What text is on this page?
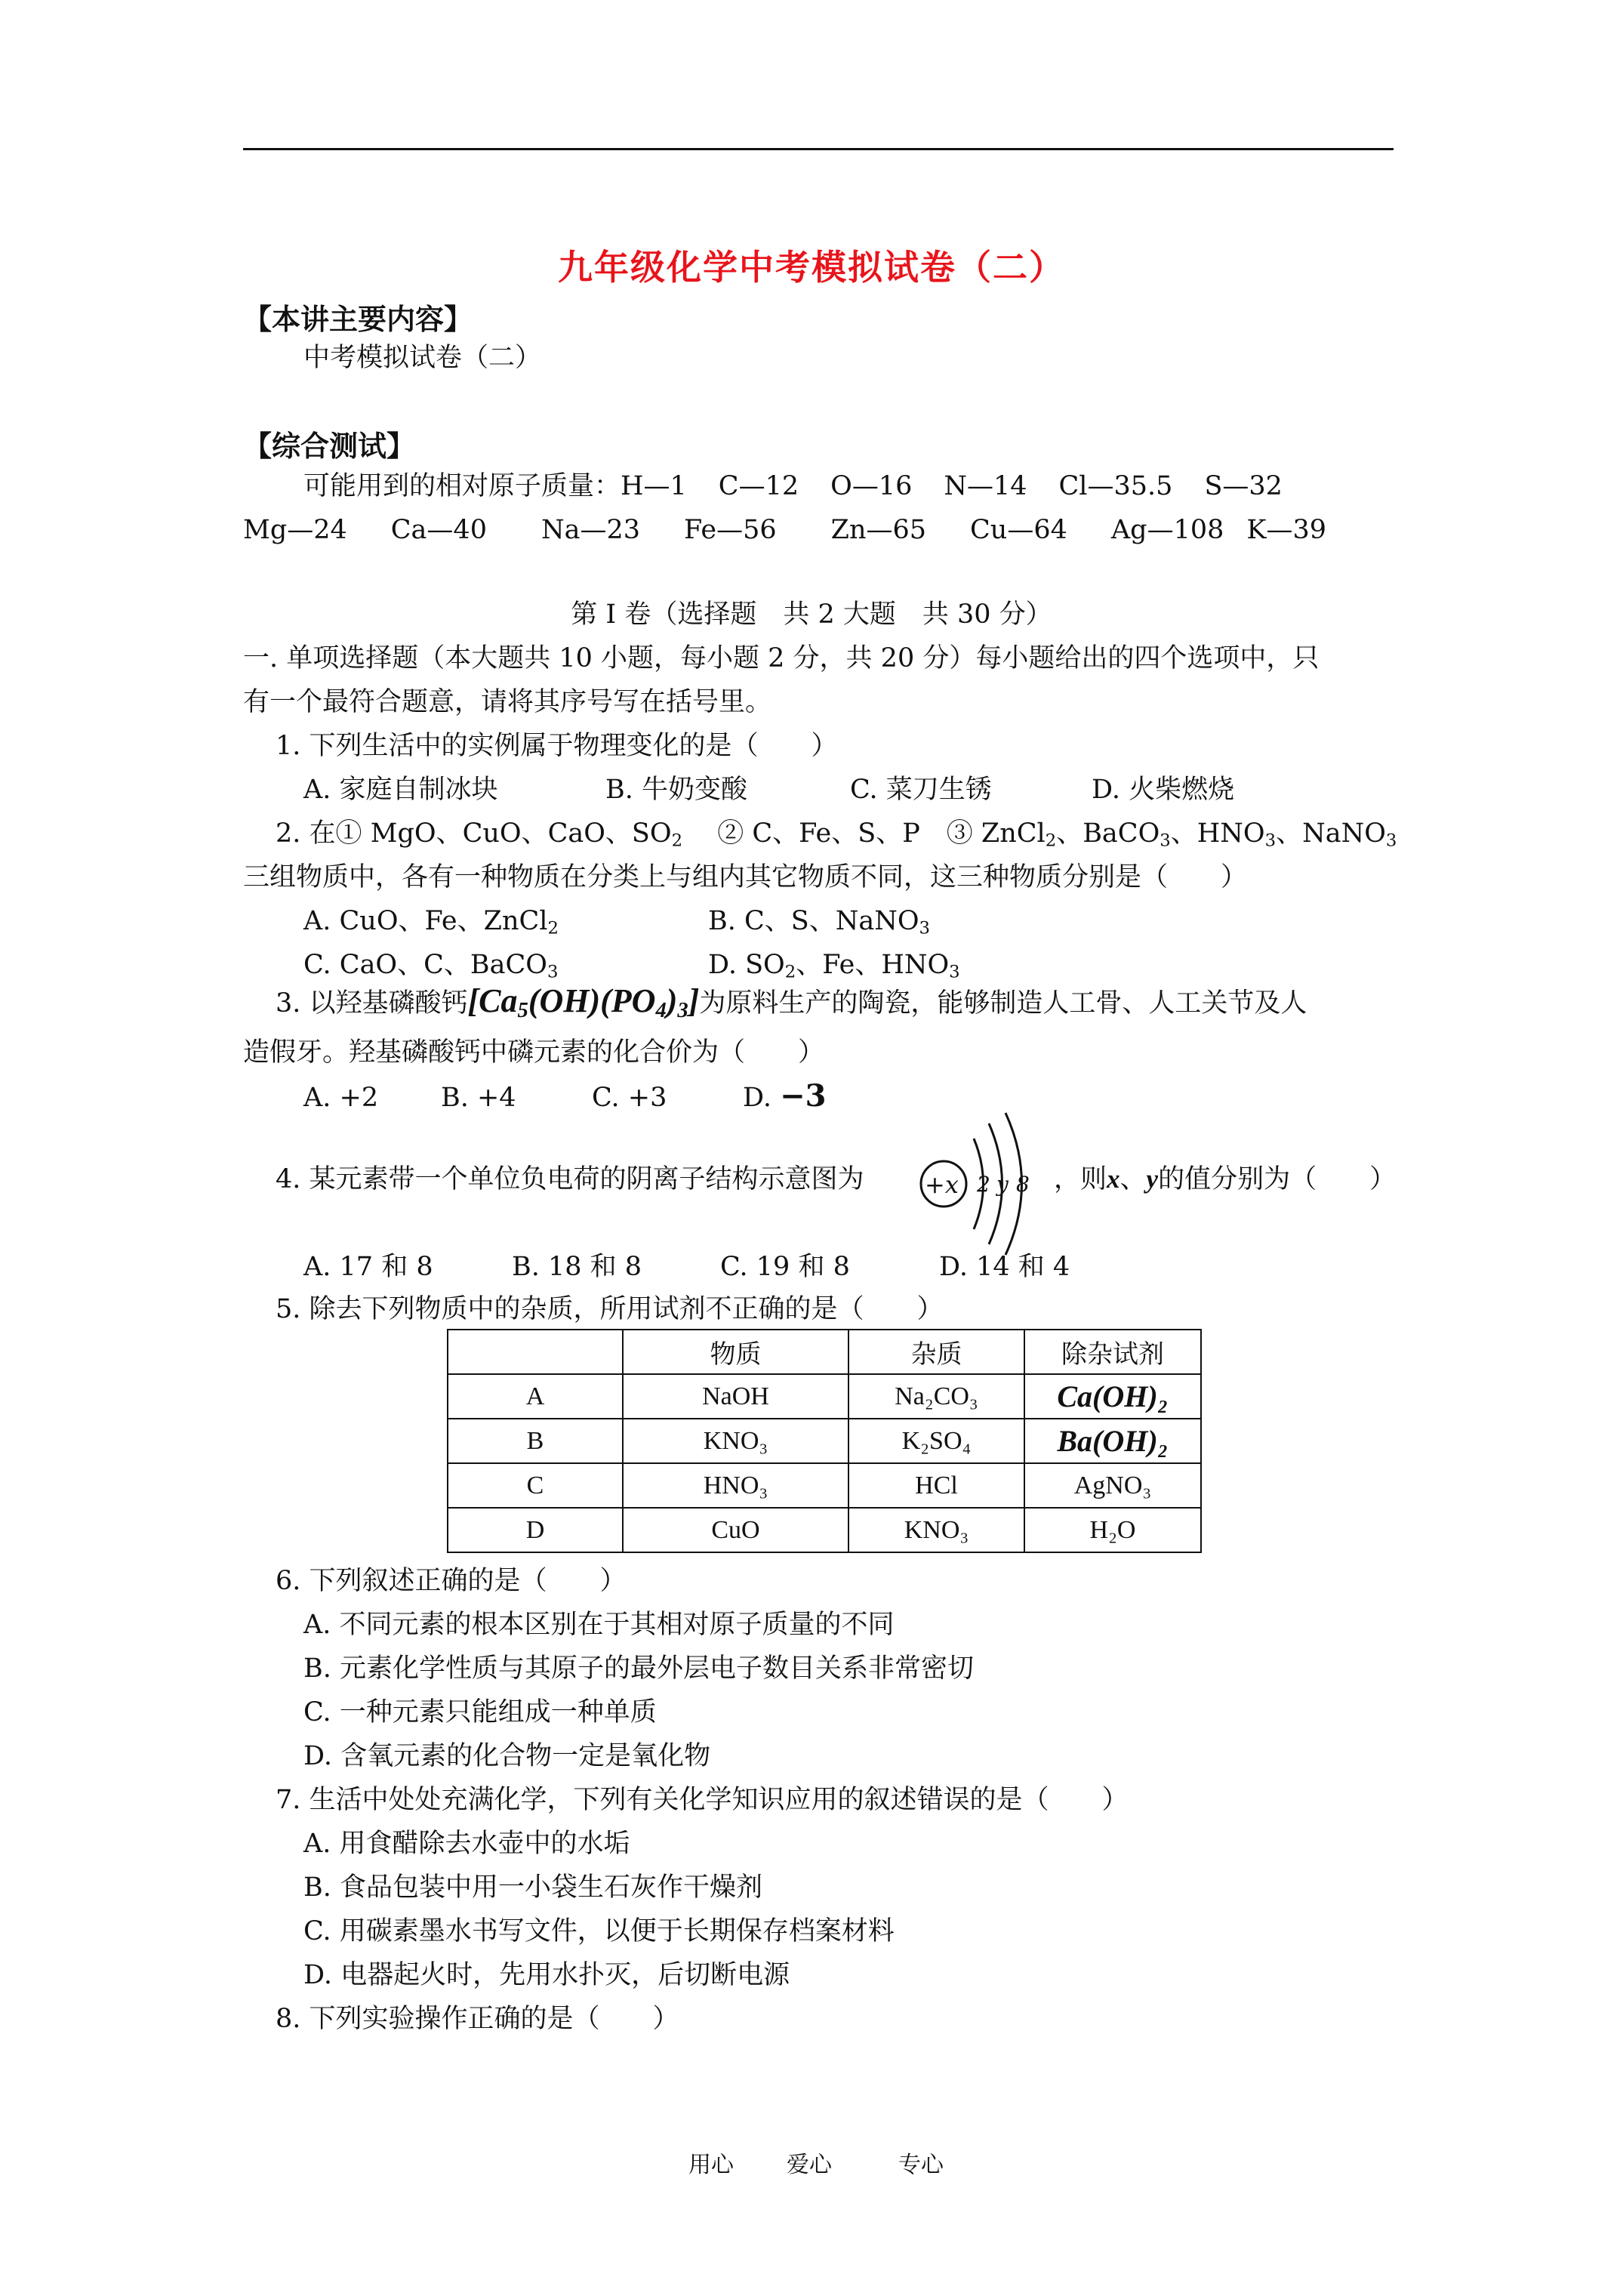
九年级化学中考模拟试卷（二）
【本讲主要内容】
中考模拟试卷（二）
【综合测试】
可能用到的相对原子质量：H—1 C—12 O—16 N—14 Cl—35.5 S—32
Mg—24 Ca—40 Na—23 Fe—56 Zn—65 Cu—64 Ag—108 K—39
第 I 卷（选择题　共 2 大题　共 30 分）
一. 单项选择题（本大题共 10 小题，每小题 2 分，共 20 分）每小题给出的四个选项中，只
有一个最符合题意，请将其序号写在括号里。
1. 下列生活中的实例属于物理变化的是（　　）
A. 家庭自制冰块	B. 牛奶变酸	C. 菜刀生锈	D. 火柴燃烧
2. 在① MgO、CuO、CaO、$SO_2$　 ② C、Fe、S、P　③ ZnCl$_2$、BaCO$_3$、$HNO_3$、NaNO$_3$
三组物质中，各有一种物质在分类上与组内其它物质不同，这三种物质分别是（　　）
A. CuO、Fe、ZnCl$_2$	B. C、S、NaNO$_3$
C. CaO、C、BaCO$_3$	D. $SO_2$、Fe、$HNO_3$
3. 以羟基磷酸钙$[Ca_5(OH)(PO_4)_3]$为原料生产的陶瓷，能够制造人工骨、人工关节及人
造假牙。羟基磷酸钙中磷元素的化合价为（　　）
A. +2 B. +4	C. +3	D. −3
4. 某元素带一个单位负电荷的阴离子结构示意图为	+x 2 y 8 ，则x、y的值分别为（　　）
A. 17 和 8	B. 18 和 8	C. 19 和 8	D. 14 和 4
5. 除去下列物质中的杂质，所用试剂不正确的是（　　）
	物质	杂质	除杂试剂
A	NaOH	Na₂CO₃	Ca(OH)₂
B	KNO₃	K₂SO₄	Ba(OH)₂
C	HNO₃	HCl	AgNO₃
D	CuO	KNO₃	H₂O
6. 下列叙述正确的是（　　）
A. 不同元素的根本区别在于其相对原子质量的不同
B. 元素化学性质与其原子的最外层电子数目关系非常密切
C. 一种元素只能组成一种单质
D. 含氧元素的化合物一定是氧化物
7. 生活中处处充满化学，下列有关化学知识应用的叙述错误的是（　　）
A. 用食醋除去水壶中的水垢
B. 食品包装中用一小袋生石灰作干燥剂
C. 用碳素墨水书写文件，以便于长期保存档案材料
D. 电器起火时，先用水扑灭，后切断电源
8. 下列实验操作正确的是（　　）
用心 爱心	专心
